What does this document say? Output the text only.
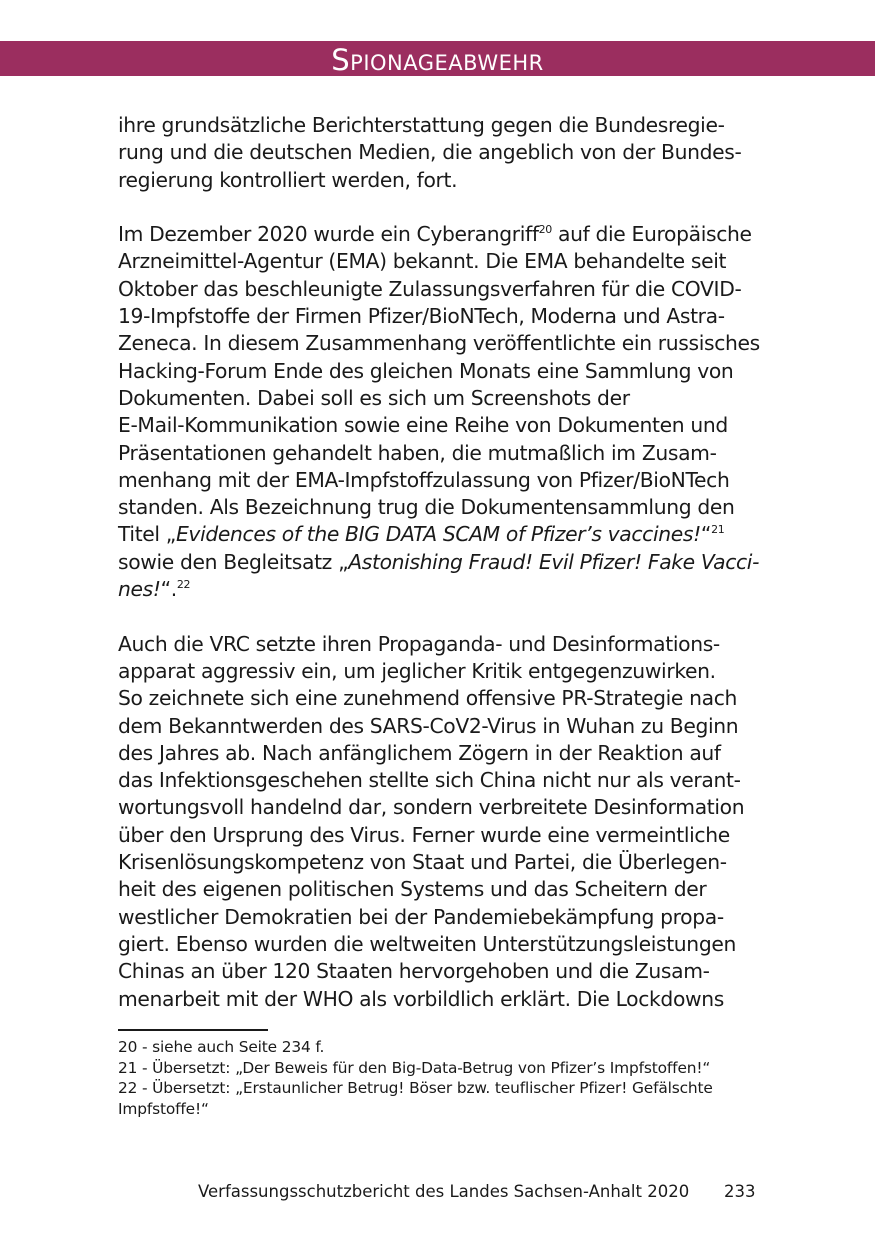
SPIONAGEABWEHR

ihre grundsätzliche Berichterstattung gegen die Bundesregie-
rung und die deutschen Medien, die angeblich von der Bundes-
regierung kontrolliert werden, fort.

Im Dezember 2020 wurde ein Cyberangriff$^{20}$ auf die Europäische
Arzneimittel-Agentur (EMA) bekannt. Die EMA behandelte seit
Oktober das beschleunigte Zulassungsverfahren für die COVID-
19-Impfstoffe der Firmen Pfizer/BioNTech, Moderna und Astra-
Zeneca. In diesem Zusammenhang veröffentlichte ein russisches
Hacking-Forum Ende des gleichen Monats eine Sammlung von
Dokumenten. Dabei soll es sich um Screenshots der
E-Mail-Kommunikation sowie eine Reihe von Dokumenten und
Präsentationen gehandelt haben, die mutmaßlich im Zusam-
menhang mit der EMA-Impfstoffzulassung von Pfizer/BioNTech
standen. Als Bezeichnung trug die Dokumentensammlung den
Titel „Evidences of the BIG DATA SCAM of Pfizer’s vaccines!“$^{21}$
sowie den Begleitsatz „Astonishing Fraud! Evil Pfizer! Fake Vacci-
nes!“.$^{22}$

Auch die VRC setzte ihren Propaganda- und Desinformations-
apparat aggressiv ein, um jeglicher Kritik entgegenzuwirken.
So zeichnete sich eine zunehmend offensive PR-Strategie nach
dem Bekanntwerden des SARS-CoV2-Virus in Wuhan zu Beginn
des Jahres ab. Nach anfänglichem Zögern in der Reaktion auf
das Infektionsgeschehen stellte sich China nicht nur als verant-
wortungsvoll handelnd dar, sondern verbreitete Desinformation
über den Ursprung des Virus. Ferner wurde eine vermeintliche
Krisenlösungskompetenz von Staat und Partei, die Überlegen-
heit des eigenen politischen Systems und das Scheitern der
westlicher Demokratien bei der Pandemiebekämpfung propa-
giert. Ebenso wurden die weltweiten Unterstützungsleistungen
Chinas an über 120 Staaten hervorgehoben und die Zusam-
menarbeit mit der WHO als vorbildlich erklärt. Die Lockdowns

20 - siehe auch Seite 234 f.
21 - Übersetzt: „Der Beweis für den Big-Data-Betrug von Pfizer’s Impfstoffen!“
22 - Übersetzt: „Erstaunlicher Betrug! Böser bzw. teuflischer Pfizer! Gefälschte
Impfstoffe!“
Verfassungsschutzbericht des Landes Sachsen-Anhalt 2020 233
